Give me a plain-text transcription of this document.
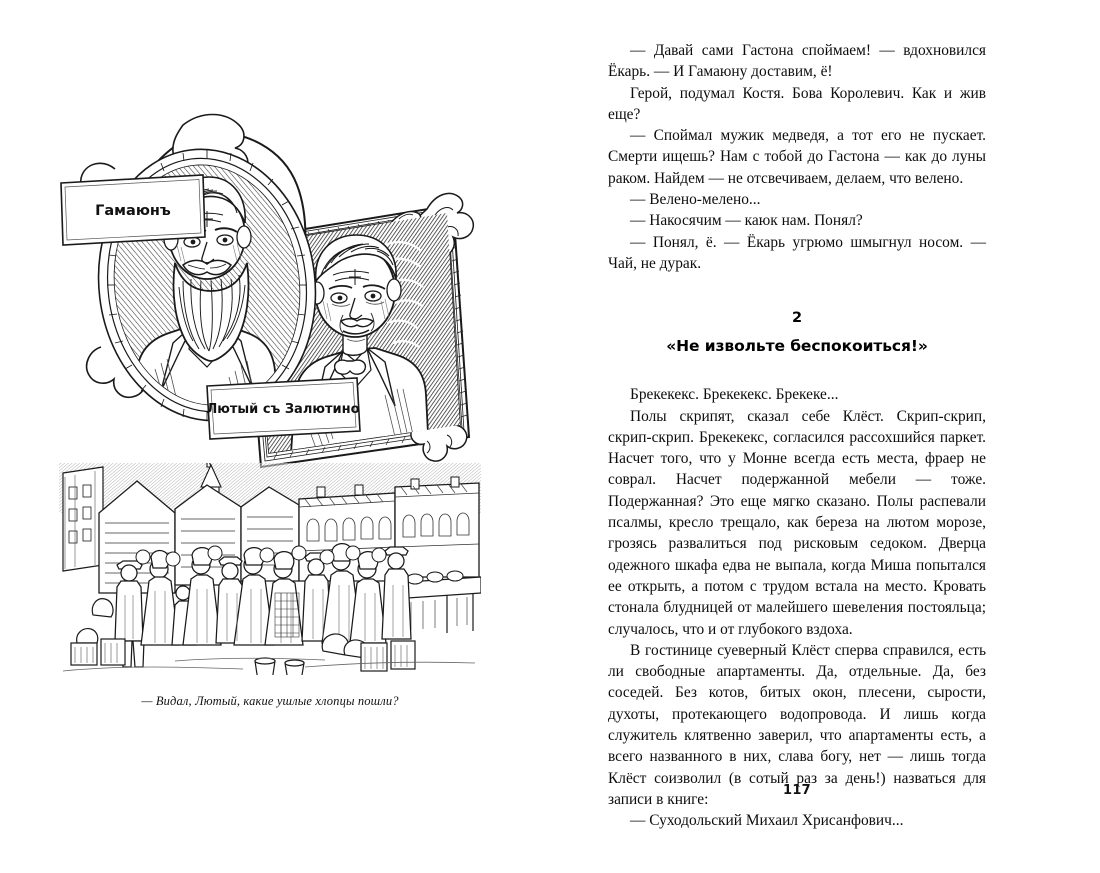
Гамаюнъ
Лютый съ Залютино
— Видал, Лютый, какие ушлые хлопцы пошли?

— Давай сами Гастона споймаем! — вдохновился Ёкарь. — И Гамаюну доставим, ё!

Герой, подумал Костя. Бова Королевич. Как и жив еще?

— Споймал мужик медведя, а тот его не пускает. Смерти ищешь? Нам с тобой до Гастона — как до луны раком. Найдем — не отсвечиваем, делаем, что велено.

— Велено-мелено...

— Накосячим — каюк нам. Понял?

— Понял, ё. — Ёкарь угрюмо шмыгнул носом. — Чай, не дурак.

2
«Не извольте беспокоиться!»

Брекекекс. Брекекекс. Брекеке...

Полы скрипят, сказал себе Клёст. Скрип-скрип, скрип-скрип. Брекекекс, согласился рассохшийся паркет. Насчет того, что у Монне всегда есть места, фраер не соврал. Насчет подержанной мебели — тоже. Подержанная? Это еще мягко сказано. Полы распевали псалмы, кресло трещало, как береза на лютом морозе, грозясь развалиться под рисковым седоком. Дверца одежного шкафа едва не выпала, когда Миша попытался ее открыть, а потом с трудом встала на место. Кровать стонала блудницей от малейшего шевеления постояльца; случалось, что и от глубокого вздоха.

В гостинице суеверный Клёст сперва справился, есть ли свободные апартаменты. Да, отдельные. Да, без соседей. Без котов, битых окон, плесени, сырости, духоты, протекающего водопровода. И лишь когда служитель клятвенно заверил, что апартаменты есть, а всего названного в них, слава богу, нет — лишь тогда Клёст соизволил (в сотый раз за день!) назваться для записи в книге:

— Суходольский Михаил Хрисанфович...

117
